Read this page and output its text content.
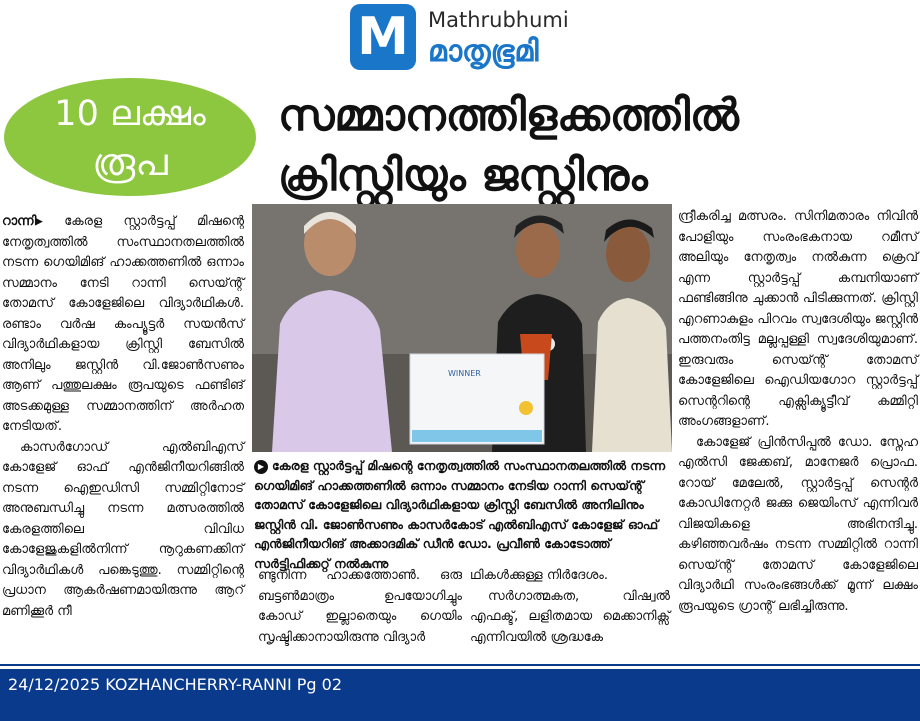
M Mathrubhumi
മാതൃഭൂമി
10 ലക്ഷം
രൂപ
സമ്മാനത്തിളക്കത്തിൽ
ക്രിസ്റ്റിയും ജസ്റ്റിനും

റാന്നി▸ കേരള സ്റ്റാർട്ടപ്പ് മിഷന്റെ നേതൃത്വത്തിൽ സംസ്ഥാനതലത്തിൽ നടന്ന ഗെയിമിങ് ഹാക്കത്തണിൽ ഒന്നാം സമ്മാനം നേടി റാന്നി സെയ്ന്റ് തോമസ് കോളേജിലെ വിദ്യാർഥികൾ. രണ്ടാം വർഷ കംപ്യൂട്ടർ സയൻസ് വിദ്യാർഥികളായ ക്രിസ്റ്റി ബേസിൽ അനിലും ജസ്റ്റിൻ വി.ജോൺസണും ആണ് പത്തുലക്ഷം രൂപയുടെ ഫണ്ടിങ് അടക്കമുള്ള സമ്മാനത്തിന് അർഹത നേടിയത്.

കാസർഗോഡ് എൽബിഎസ് കോളേജ് ഓഫ് എൻജിനീയറിങ്ങിൽ നടന്ന ഐഇഡിസി സമ്മിറ്റിനോട് അനുബന്ധിച്ചു നടന്ന മത്സരത്തിൽ കേരളത്തിലെ വിവിധ കോളേജുകളിൽനിന്ന് നൂറുകണക്കിന് വിദ്യാർഥികൾ പങ്കെടുത്തു. സമ്മിറ്റിന്റെ പ്രധാന ആകർഷണമായിരുന്നു ആറ് മണിക്കൂർ നീ

WINNER
▶ കേരള സ്റ്റാർട്ടപ്പ് മിഷന്റെ നേതൃത്വത്തിൽ സംസ്ഥാനതലത്തിൽ നടന്ന ഗെയിമിങ് ഹാക്കത്തണിൽ ഒന്നാം സമ്മാനം നേടിയ റാന്നി സെയ്ന്റ് തോമസ് കോളേജിലെ വിദ്യാർഥികളായ ക്രിസ്റ്റി ബേസിൽ അനിലിനും ജസ്റ്റിൻ വി. ജോൺസണും കാസർകോട് എൽബിഎസ് കോളേജ് ഓഫ് എൻജിനീയറിങ് അക്കാദമിക് ഡീൻ ഡോ. പ്രവീൺ കോടോത്ത് സർട്ടിഫിക്കറ്റ് നൽകുന്നു

ണ്ടുനിന്ന ഹാക്കത്തോൺ. ഒരു ബട്ടൺമാത്രം ഉപയോഗിച്ചും കോഡ് ഇല്ലാതെയും ഗെയിം സൃഷ്ടിക്കാനായിരുന്നു വിദ്യാർ

ഥികൾക്കുള്ള നിർദേശം.

സർഗാത്മകത, വിഷ്വൽ എഫക്ട്, ലളിതമായ മെക്കാനിക്സ് എന്നിവയിൽ ശ്രദ്ധകേ

ന്ദ്രീകരിച്ച മത്സരം. സിനിമതാരം നിവിൻ പോളിയും സംരംഭകനായ റമീസ് അലിയും നേതൃത്വം നൽകുന്ന ക്രെവ് എന്ന സ്റ്റാർട്ടപ്പ് കമ്പനിയാണ് ഫണ്ടിങ്ങിനു ചുക്കാൻ പിടിക്കുന്നത്. ക്രിസ്റ്റി എറണാകുളം പിറവം സ്വദേശിയും ജസ്റ്റിൻ പത്തനംതിട്ട മല്ലപ്പള്ളി സ്വദേശിയുമാണ്. ഇരുവരും സെയ്ന്റ് തോമസ് കോളേജിലെ ഐഡിയഗോറ സ്റ്റാർട്ടപ്പ് സെന്ററിന്റെ എക്സിക്യൂട്ടീവ് കമ്മിറ്റി അംഗങ്ങളാണ്.

കോളേജ് പ്രിൻസിപ്പൽ ഡോ. സ്നേഹ എൽസി ജേക്കബ്, മാനേജർ പ്രൊഫ. റോയ് മേലേൽ, സ്റ്റാർട്ടപ്പ് സെന്റർ കോഡിനേറ്റർ ജക്കു ജെയിംസ് എന്നിവർ വിജയികളെ അഭിനന്ദിച്ചു. കഴിഞ്ഞവർഷം നടന്ന സമ്മിറ്റിൽ റാന്നി സെയ്ന്റ് തോമസ് കോളേജിലെ വിദ്യാർഥി സംരംഭങ്ങൾക്ക് മൂന്ന് ലക്ഷം രൂപയുടെ ഗ്രാന്റ് ലഭിച്ചിരുന്നു.

24/12/2025 KOZHANCHERRY-RANNI Pg 02
